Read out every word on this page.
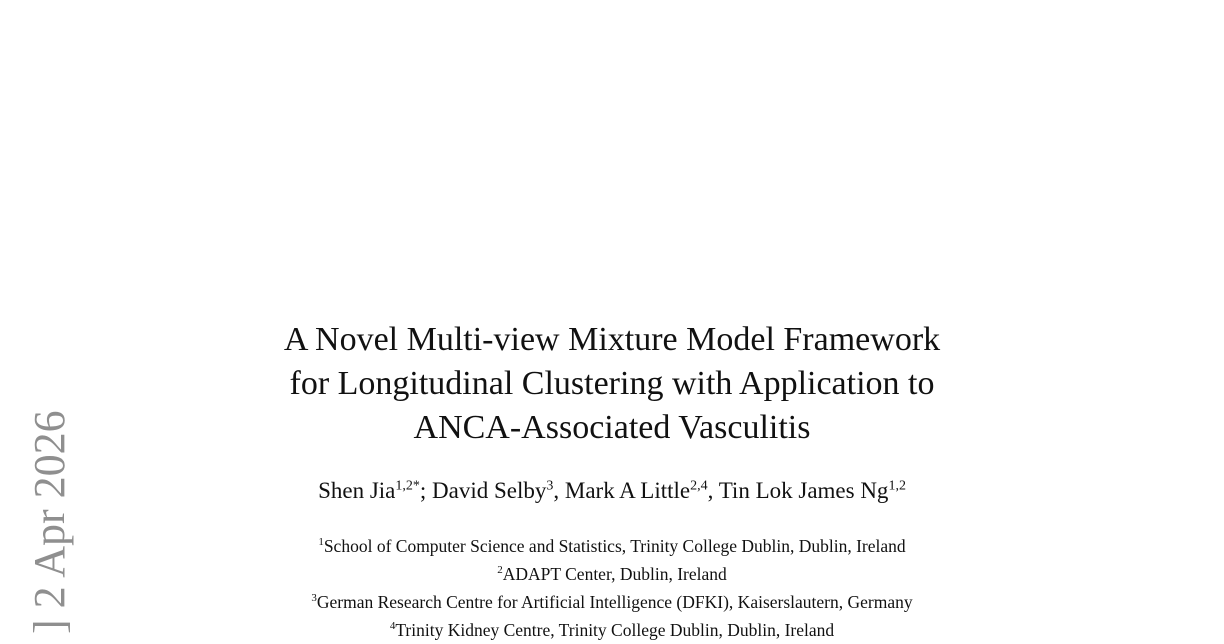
] 2 Apr 2026
A Novel Multi-view Mixture Model Framework
for Longitudinal Clustering with Application to
ANCA-Associated Vasculitis
Shen Jia$^{1,2*}$; David Selby$^3$, Mark A Little$^{2,4}$, Tin Lok James Ng$^{1,2}$
$^1$School of Computer Science and Statistics, Trinity College Dublin, Dublin, Ireland
$^2$ADAPT Center, Dublin, Ireland
$^3$German Research Centre for Artificial Intelligence (DFKI), Kaiserslautern, Germany
$^4$Trinity Kidney Centre, Trinity College Dublin, Dublin, Ireland
